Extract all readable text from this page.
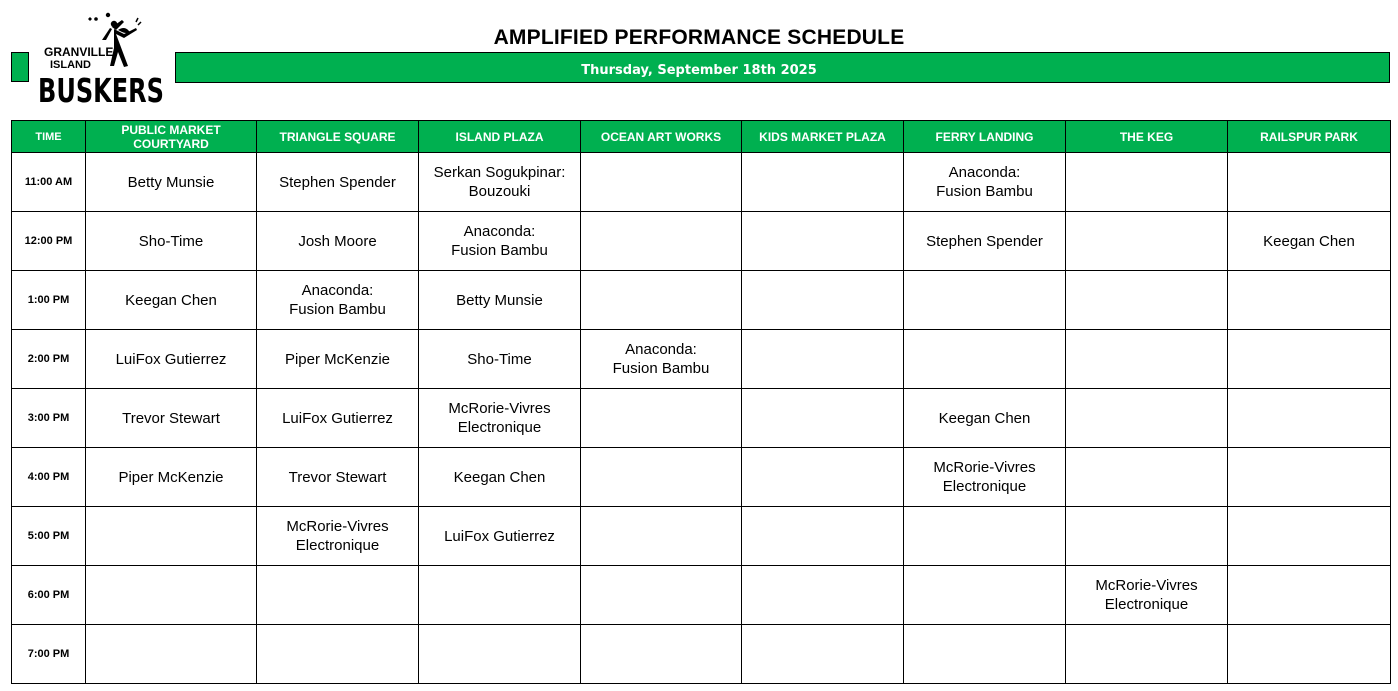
GRANVILLE
ISLAND
BUSKERS
AMPLIFIED PERFORMANCE SCHEDULE
Thursday, September 18th 2025
TIME	PUBLIC MARKET COURTYARD	TRIANGLE SQUARE	ISLAND PLAZA	OCEAN ART WORKS	KIDS MARKET PLAZA	FERRY LANDING	THE KEG	RAILSPUR PARK
11:00 AM	Betty Munsie	Stephen Spender	Serkan Sogukpinar:
Bouzouki			Anaconda:
Fusion Bambu		

12:00 PM	Sho-Time	Josh Moore	Anaconda:
Fusion Bambu			Stephen Spender		Keegan Chen

1:00 PM	Keegan Chen	Anaconda:
Fusion Bambu	Betty Munsie					

2:00 PM	LuiFox Gutierrez	Piper McKenzie	Sho-Time	Anaconda:
Fusion Bambu				

3:00 PM	Trevor Stewart	LuiFox Gutierrez	McRorie-Vivres
Electronique			Keegan Chen		

4:00 PM	Piper McKenzie	Trevor Stewart	Keegan Chen			McRorie-Vivres
Electronique		

5:00 PM		McRorie-Vivres
Electronique	LuiFox Gutierrez					

6:00 PM							McRorie-Vivres
Electronique	

7:00 PM	
